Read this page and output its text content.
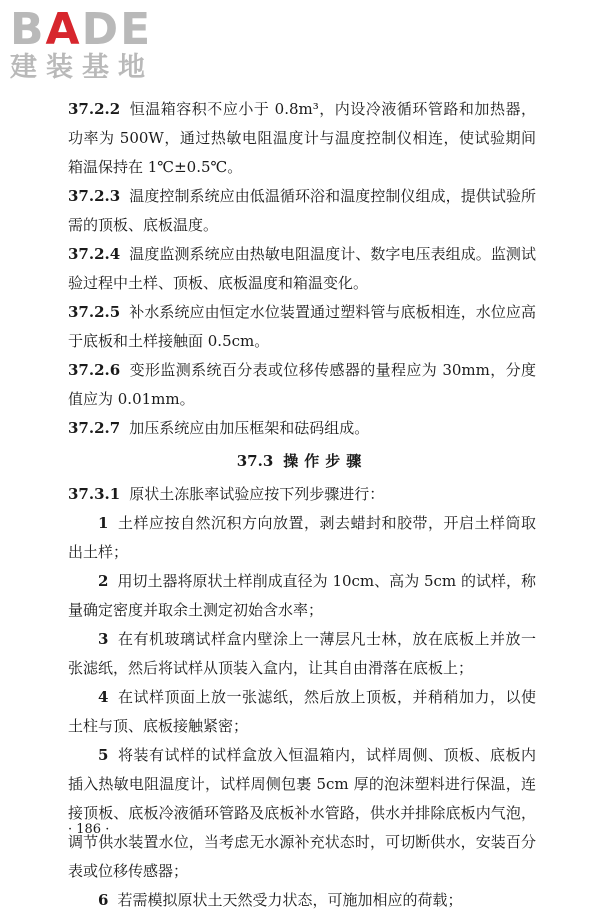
BADE
建装基地

37.2.2 恒温箱容积不应小于 0.8m³，内设冷液循环管路和加热器，功率为 500W，通过热敏电阻温度计与温度控制仪相连，使试验期间箱温保持在 1℃±0.5℃。

37.2.3 温度控制系统应由低温循环浴和温度控制仪组成，提供试验所需的顶板、底板温度。

37.2.4 温度监测系统应由热敏电阻温度计、数字电压表组成。监测试验过程中土样、顶板、底板温度和箱温变化。

37.2.5 补水系统应由恒定水位装置通过塑料管与底板相连，水位应高于底板和土样接触面 0.5cm。

37.2.6 变形监测系统百分表或位移传感器的量程应为 30mm，分度值应为 0.01mm。

37.2.7 加压系统应由加压框架和砝码组成。

37.3 操作步骤

37.3.1 原状土冻胀率试验应按下列步骤进行：

1 土样应按自然沉积方向放置，剥去蜡封和胶带，开启土样筒取出土样；

2 用切土器将原状土样削成直径为 10cm、高为 5cm 的试样，称量确定密度并取余土测定初始含水率；

3 在有机玻璃试样盒内壁涂上一薄层凡士林，放在底板上并放一张滤纸，然后将试样从顶装入盒内，让其自由滑落在底板上；

4 在试样顶面上放一张滤纸，然后放上顶板，并稍稍加力，以使土柱与顶、底板接触紧密；

5 将装有试样的试样盒放入恒温箱内，试样周侧、顶板、底板内插入热敏电阻温度计，试样周侧包裹 5cm 厚的泡沫塑料进行保温，连接顶板、底板冷液循环管路及底板补水管路，供水并排除底板内气泡，调节供水装置水位，当考虑无水源补充状态时，可切断供水，安装百分表或位移传感器；

6 若需模拟原状土天然受力状态，可施加相应的荷载；

· 186 ·
